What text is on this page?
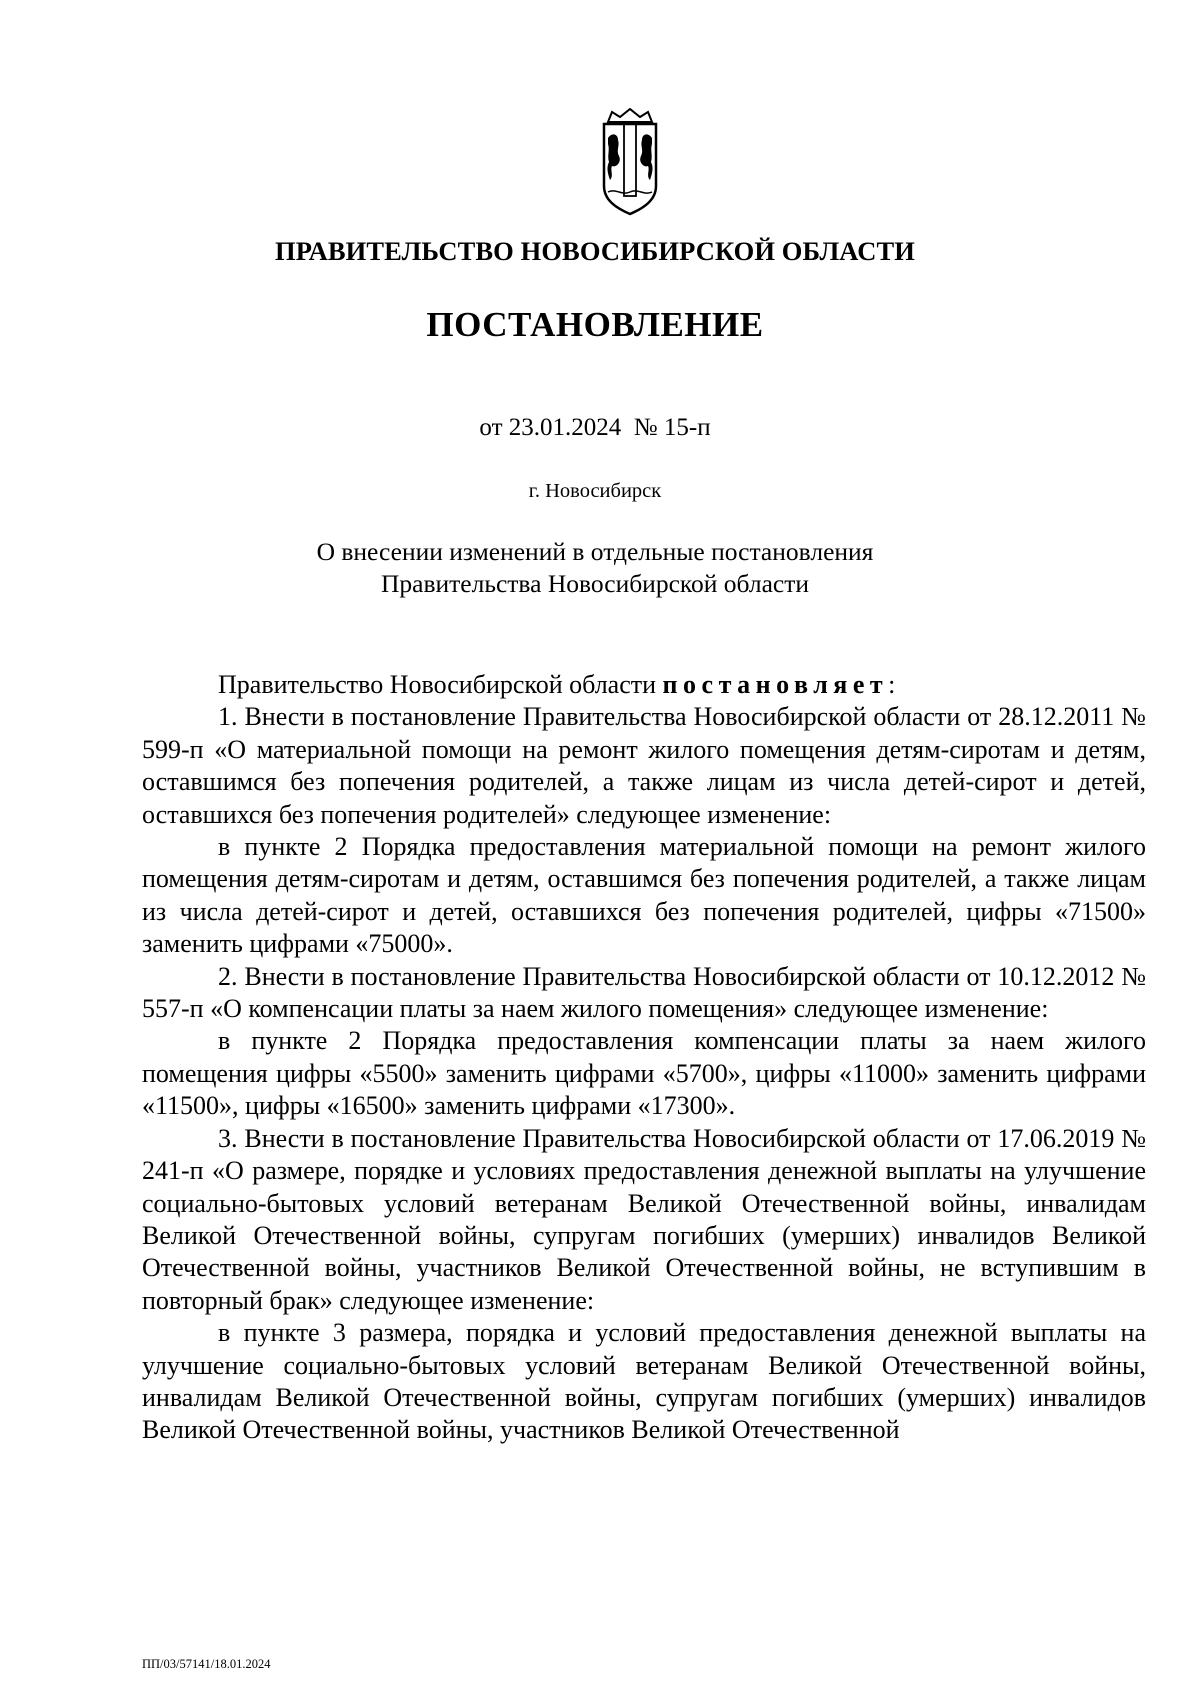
ПРАВИТЕЛЬСТВО НОВОСИБИРСКОЙ ОБЛАСТИ
ПОСТАНОВЛЕНИЕ
от 23.01.2024 № 15-п
г. Новосибирск
О внесении изменений в отдельные постановления
Правительства Новосибирской области

Правительство Новосибирской области постановляет:

1. Внести в постановление Правительства Новосибирской области от 28.12.2011 № 599-п «О материальной помощи на ремонт жилого помещения детям-сиротам и детям, оставшимся без попечения родителей, а также лицам из числа детей-сирот и детей, оставшихся без попечения родителей» следующее изменение:

в пункте 2 Порядка предоставления материальной помощи на ремонт жилого помещения детям-сиротам и детям, оставшимся без попечения родителей, а также лицам из числа детей-сирот и детей, оставшихся без попечения родителей, цифры «71500» заменить цифрами «75000».

2. Внести в постановление Правительства Новосибирской области от 10.12.2012 № 557-п «О компенсации платы за наем жилого помещения» следующее изменение:

в пункте 2 Порядка предоставления компенсации платы за наем жилого помещения цифры «5500» заменить цифрами «5700», цифры «11000» заменить цифрами «11500», цифры «16500» заменить цифрами «17300».

3. Внести в постановление Правительства Новосибирской области от 17.06.2019 № 241-п «О размере, порядке и условиях предоставления денежной выплаты на улучшение социально-бытовых условий ветеранам Великой Отечественной войны, инвалидам Великой Отечественной войны, супругам погибших (умерших) инвалидов Великой Отечественной войны, участников Великой Отечественной войны, не вступившим в повторный брак» следующее изменение:

в пункте 3 размера, порядка и условий предоставления денежной выплаты на улучшение социально-бытовых условий ветеранам Великой Отечественной войны, инвалидам Великой Отечественной войны, супругам погибших (умерших) инвалидов Великой Отечественной войны, участников Великой Отечественной

ПП/03/57141/18.01.2024
